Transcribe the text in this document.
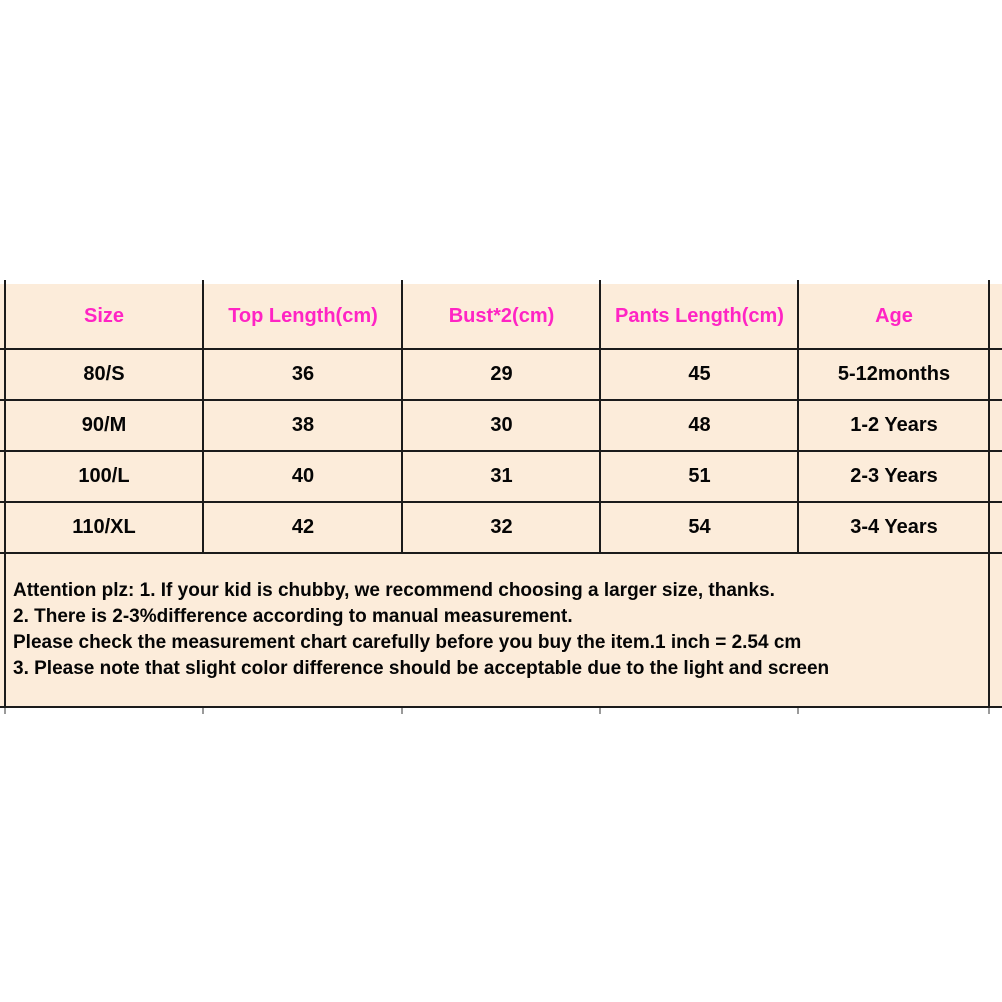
Size	Top Length(cm)	Bust*2(cm)	Pants Length(cm)	Age
80/S	36	29	45	5-12months
90/M	38	30	48	1-2 Years
100/L	40	31	51	2-3 Years
110/XL	42	32	54	3-4 Years
Attention plz: 1. If your kid is chubby, we recommend choosing a larger size, thanks.
2. There is 2-3%difference according to manual measurement.
Please check the measurement chart carefully before you buy the item.1 inch = 2.54 cm
3. Please note that slight color difference should be acceptable due to the light and screen
